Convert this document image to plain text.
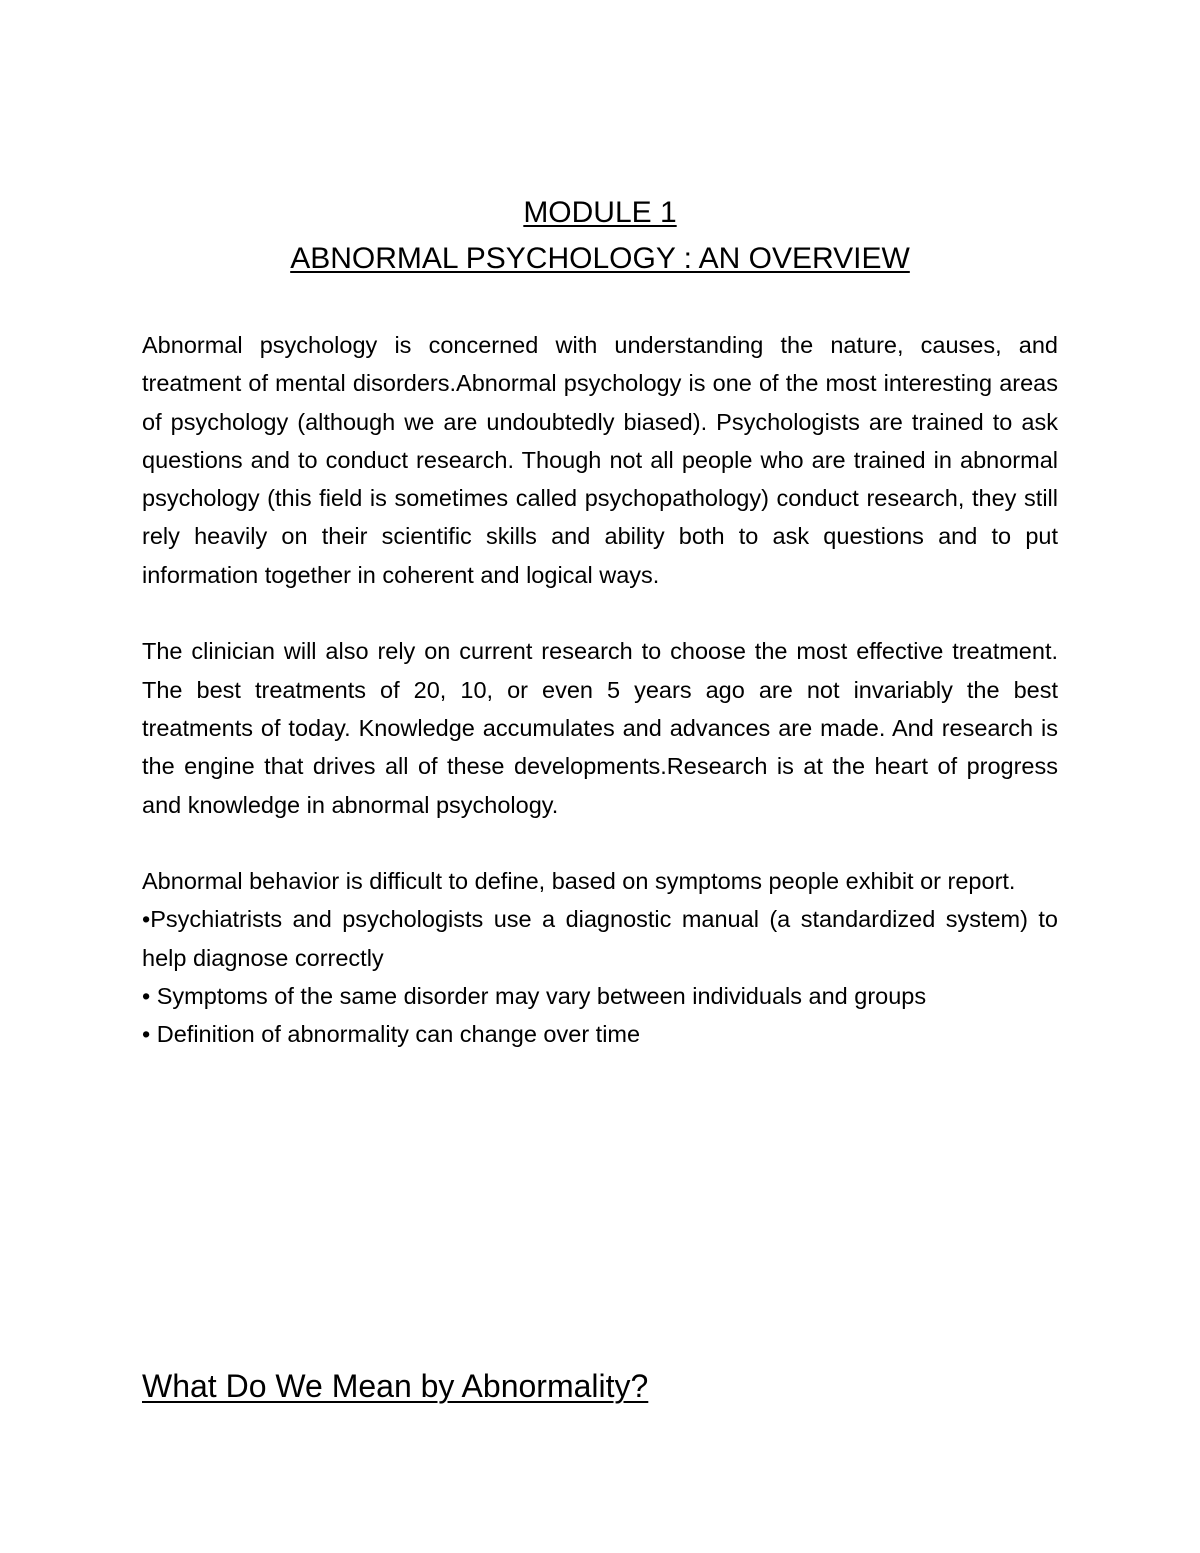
MODULE 1
ABNORMAL PSYCHOLOGY : AN OVERVIEW

Abnormal psychology is concerned with understanding the nature, causes, and treatment of mental disorders.Abnormal psychology is one of the most interesting areas of psychology (although we are undoubtedly biased). Psychologists are trained to ask questions and to conduct research. Though not all people who are trained in abnormal psychology (this field is sometimes called psychopathology) conduct research, they still rely heavily on their scientific skills and ability both to ask questions and to put information together in coherent and logical ways.

The clinician will also rely on current research to choose the most effective treatment. The best treatments of 20, 10, or even 5 years ago are not invariably the best treatments of today. Knowledge accumulates and advances are made. And research is the engine that drives all of these developments.Research is at the heart of progress and knowledge in abnormal psychology.

Abnormal behavior is difficult to define, based on symptoms people exhibit or report.

•Psychiatrists and psychologists use a diagnostic manual (a standardized system) to help diagnose correctly
• Symptoms of the same disorder may vary between individuals and groups
• Definition of abnormality can change over time
What Do We Mean by Abnormality?
